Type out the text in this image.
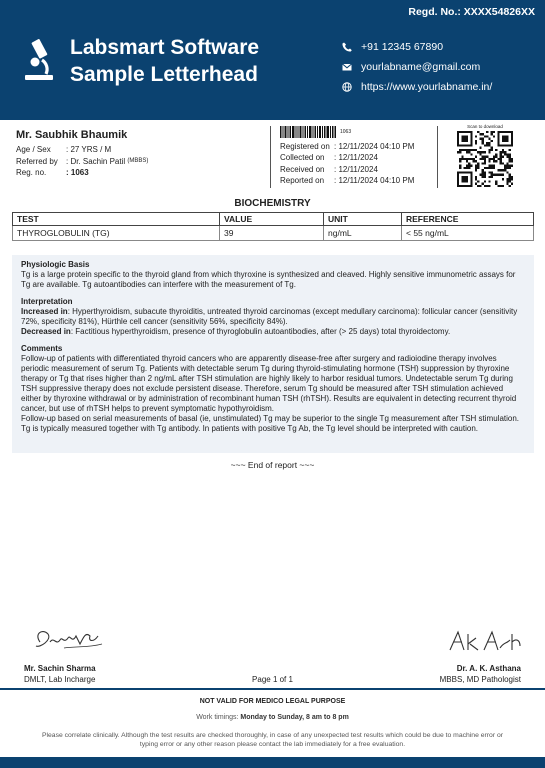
Regd. No.: XXXX54826XX
Labsmart Software
Sample Letterhead
+91 12345 67890
yourlabname@gmail.com
https://www.yourlabname.in/
Mr. Saubhik Bhaumik
Age / Sex	: 27 YRS / M
Referred by	: Dr. Sachin Patil
(MBBS)
Reg. no.	: 1063
1063
Registered on : 12/11/2024 04:10 PM
Collected on	: 12/11/2024
Received on	: 12/11/2024
Reported on	: 12/11/2024 04:10 PM
Scan to download
BIOCHEMISTRY
TEST	VALUE	UNIT	REFERENCE
THYROGLOBULIN (TG)	39	ng/mL	< 55 ng/mL
Physiologic Basis

Tg is a large protein specific to the thyroid gland from which thyroxine is synthesized and cleaved. Highly sensitive immunometric assays for Tg are available. Tg autoantibodies can interfere with the measurement of Tg.

Interpretation

Increased in: Hyperthyroidism, subacute thyroiditis, untreated thyroid carcinomas (except medullary carcinoma): follicular cancer (sensitivity 72%, specificity 81%), Hürthle cell cancer (sensitivity 56%, specificity 84%).

Decreased in: Factitious hyperthyroidism, presence of thyroglobulin autoantibodies, after (> 25 days) total thyroidectomy.

Comments

Follow-up of patients with differentiated thyroid cancers who are apparently disease-free after surgery and radioiodine therapy involves periodic measurement of serum Tg. Patients with detectable serum Tg during thyroid-stimulating hormone (TSH) suppression by thyroxine therapy or Tg that rises higher than 2 ng/mL after TSH stimulation are highly likely to harbor residual tumors. Undetectable serum Tg during TSH suppressive therapy does not exclude persistent disease. Therefore, serum Tg should be measured after TSH stimulation achieved either by thyroxine withdrawal or by administration of recombinant human TSH (rhTSH). Results are equivalent in detecting recurrent thyroid cancer, but use of rhTSH helps to prevent symptomatic hypothyroidism.

Follow-up based on serial measurements of basal (ie, unstimulated) Tg may be superior to the single Tg measurement after TSH stimulation. Tg is typically measured together with Tg antibody. In patients with positive Tg Ab, the Tg level should be interpreted with caution.

~~~ End of report ~~~
Mr. Sachin Sharma
DMLT, Lab Incharge	Page 1 of 1
Dr. A. K. Asthana
MBBS, MD Pathologist
NOT VALID FOR MEDICO LEGAL PURPOSE
Work timings: Monday to Sunday, 8 am to 8 pm
Please correlate clinically. Although the test results are checked thoroughly, in case of any unexpected test results which could be due to machine error or typing error or any other reason please contact the lab immediately for a free evaluation.
